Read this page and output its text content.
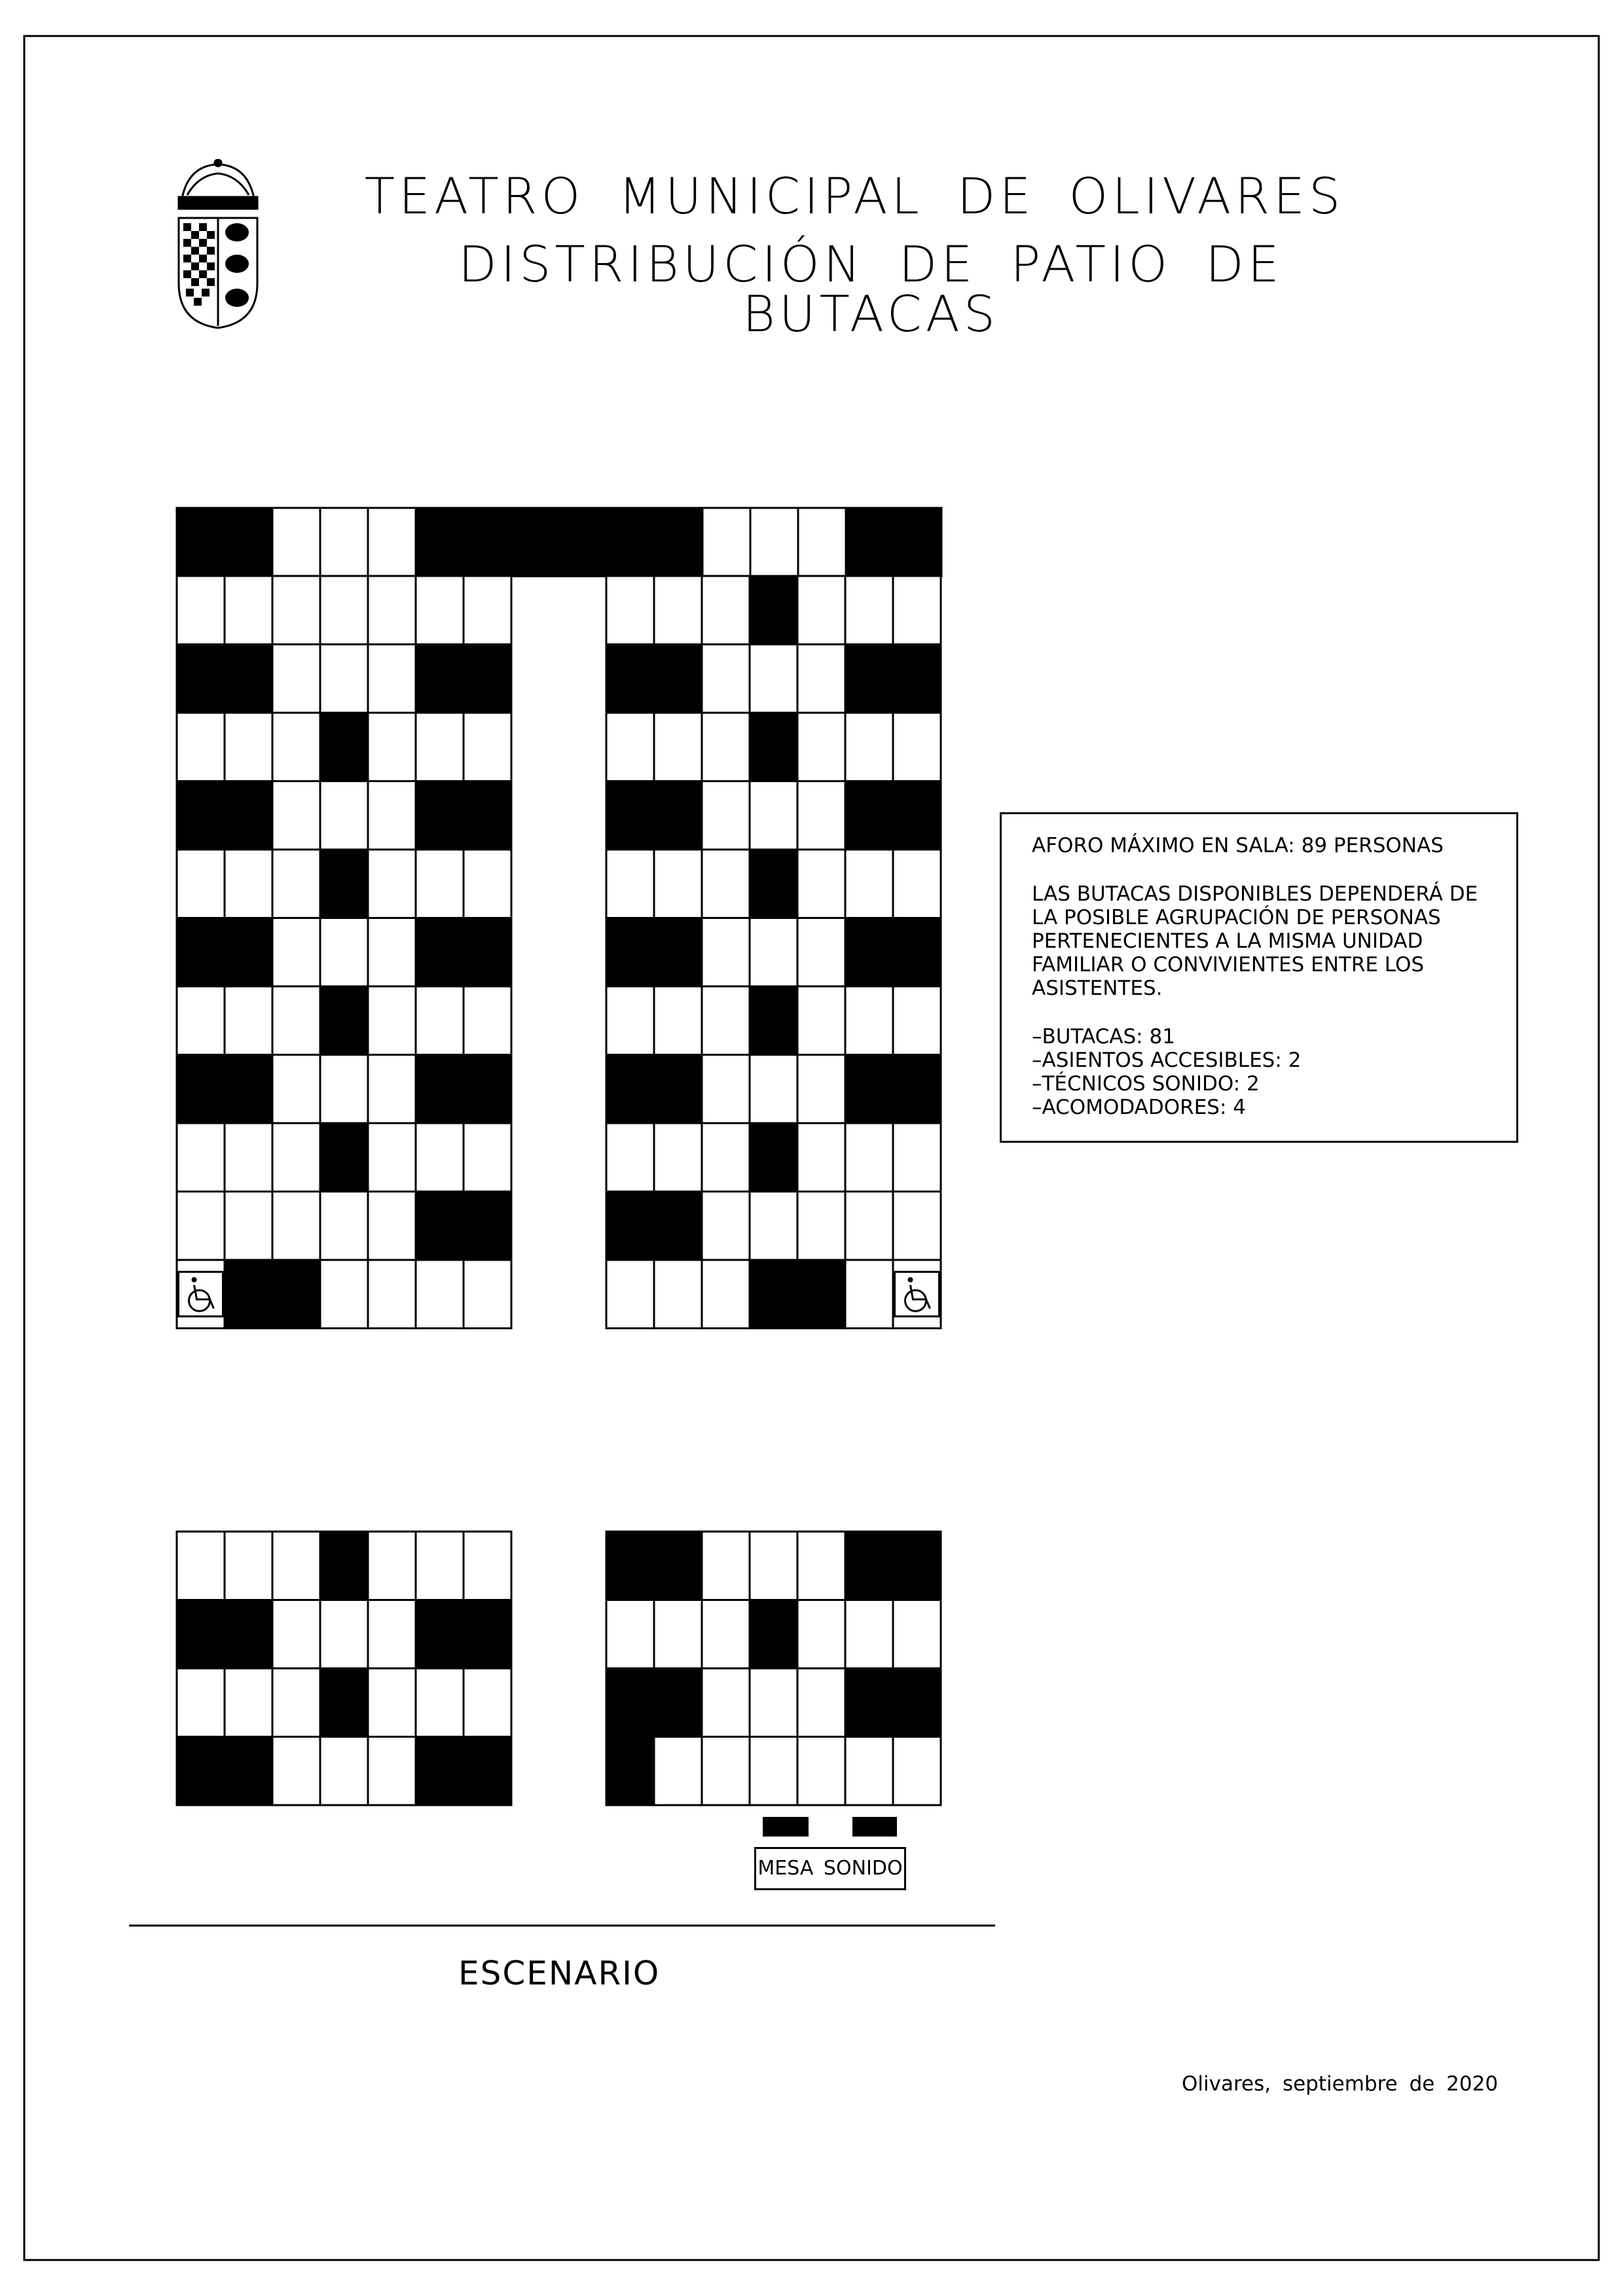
TEATRO MUNICIPAL DE OLIVARES
DISTRIBUCIÓN DE PATIO DE BUTACAS
AFORO MÁXIMO EN SALA: 89 PERSONAS
LAS BUTACAS DISPONIBLES DEPENDERÁ DE
LA POSIBLE AGRUPACIÓN DE PERSONAS
PERTENECIENTES A LA MISMA UNIDAD
FAMILIAR O CONVIVIENTES ENTRE LOS
ASISTENTES.
–BUTACAS: 81
–ASIENTOS ACCESIBLES: 2
–TÉCNICOS SONIDO: 2
–ACOMODADORES: 4
MESA SONIDO
ESCENARIO
Olivares, septiembre de 2020
